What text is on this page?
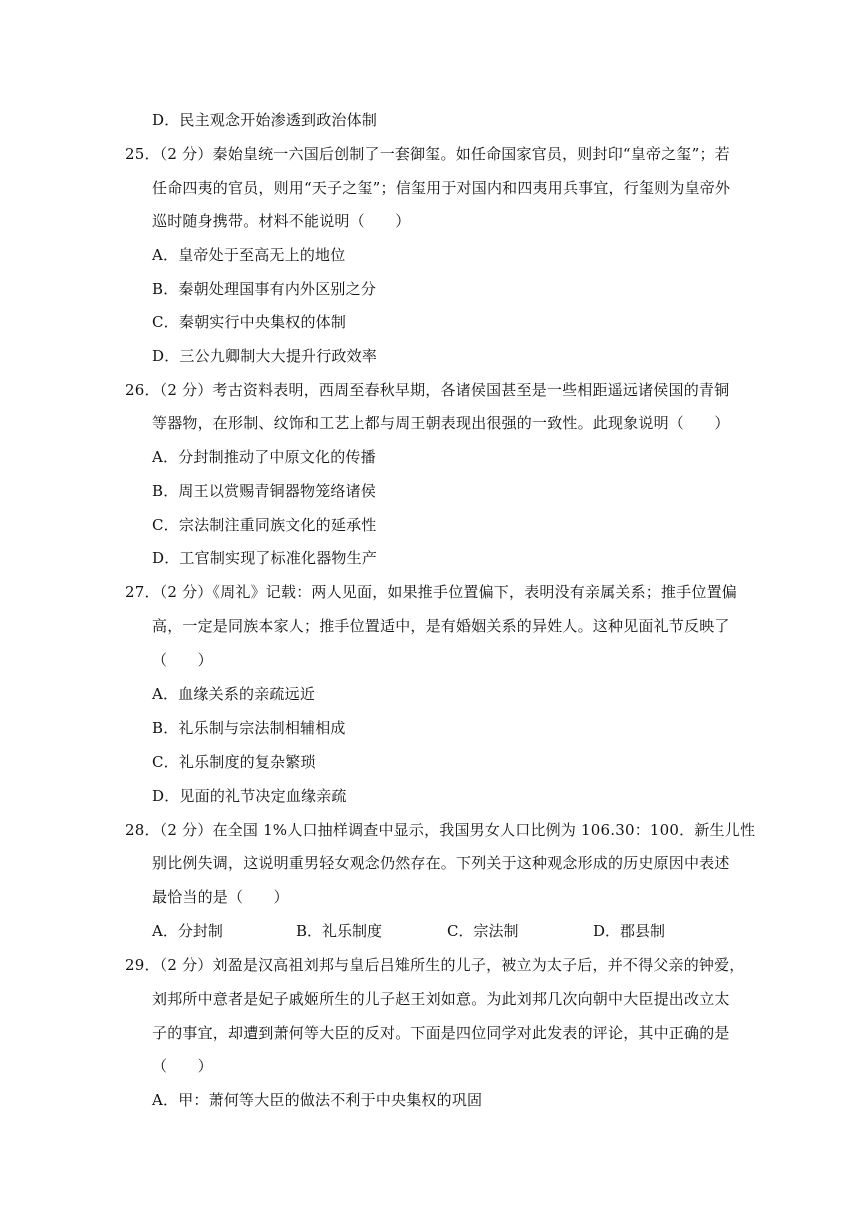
D．民主观念开始渗透到政治体制
25．（2 分）秦始皇统一六国后创制了一套御玺。如任命国家官员，则封印“皇帝之玺”；若
任命四夷的官员，则用“天子之玺”；信玺用于对国内和四夷用兵事宜，行玺则为皇帝外
巡时随身携带。材料不能说明（　　）
A．皇帝处于至高无上的地位
B．秦朝处理国事有内外区别之分
C．秦朝实行中央集权的体制
D．三公九卿制大大提升行政效率
26．（2 分）考古资料表明，西周至春秋早期，各诸侯国甚至是一些相距遥远诸侯国的青铜
等器物，在形制、纹饰和工艺上都与周王朝表现出很强的一致性。此现象说明（　　）
A．分封制推动了中原文化的传播
B．周王以赏赐青铜器物笼络诸侯
C．宗法制注重同族文化的延承性
D．工官制实现了标准化器物生产
27．（2 分）《周礼》记载：两人见面，如果推手位置偏下，表明没有亲属关系；推手位置偏
高，一定是同族本家人；推手位置适中，是有婚姻关系的异姓人。这种见面礼节反映了
（　　）
A．血缘关系的亲疏远近
B．礼乐制与宗法制相辅相成
C．礼乐制度的复杂繁琐
D．见面的礼节决定血缘亲疏
28．（2 分）在全国 1%人口抽样调查中显示，我国男女人口比例为 106.30：100．新生儿性
别比例失调，这说明重男轻女观念仍然存在。下列关于这种观念形成的历史原因中表述
最恰当的是（　　）
A．分封制	B．礼乐制度	C．宗法制	D．郡县制
29．（2 分）刘盈是汉高祖刘邦与皇后吕雉所生的儿子，被立为太子后，并不得父亲的钟爱，
刘邦所中意者是妃子戚姬所生的儿子赵王刘如意。为此刘邦几次向朝中大臣提出改立太
子的事宜，却遭到萧何等大臣的反对。下面是四位同学对此发表的评论，其中正确的是
（　　）
A．甲：萧何等大臣的做法不利于中央集权的巩固
